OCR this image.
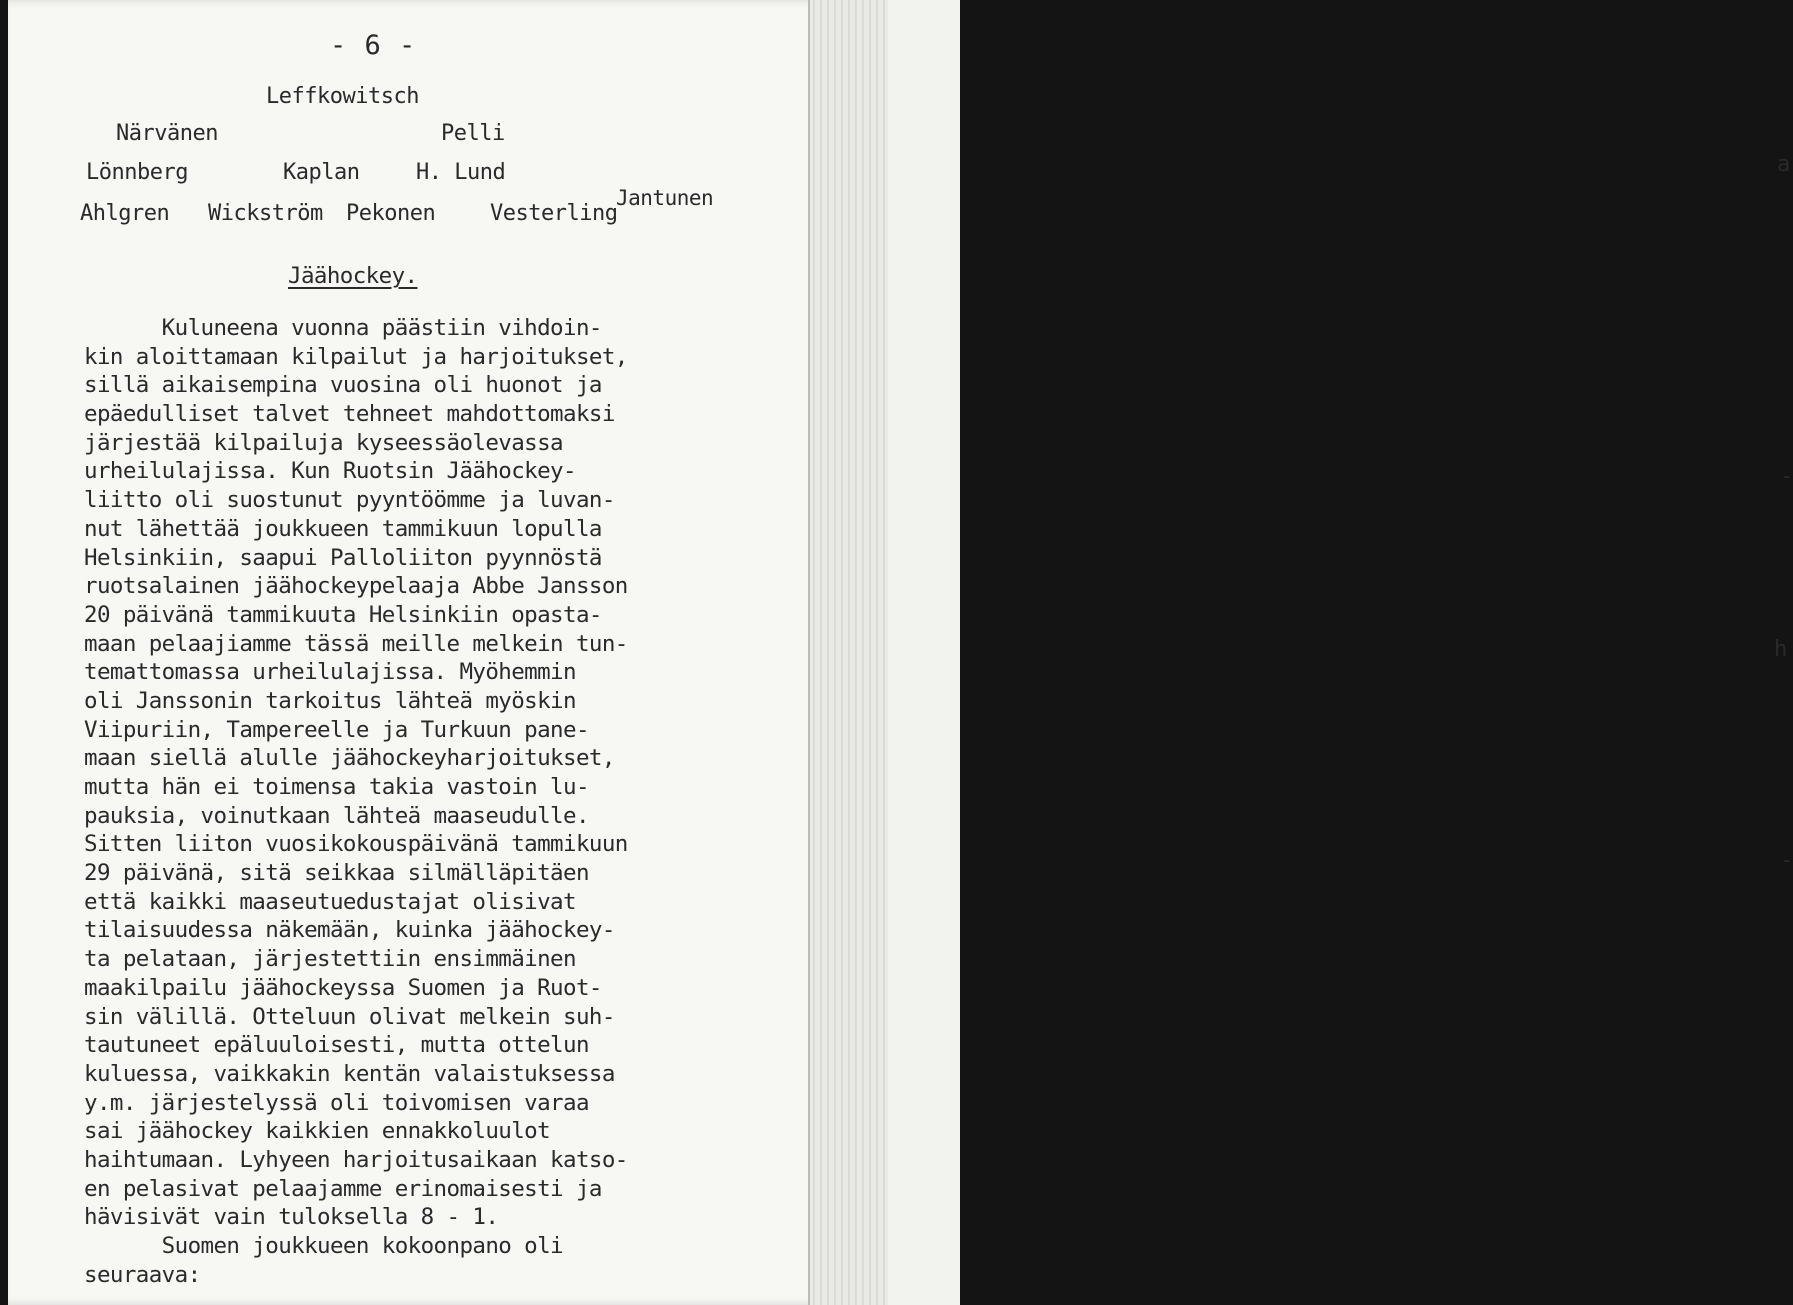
a
-
h
-
- 6 -
Leffkowitsch
Närvänen	Pelli
Lönnberg	Kaplan	H. Lund
Ahlgren Wickström Pekonen Vesterling
Jantunen
Jäähockey.
Kuluneena vuonna päästiin vihdoin-
kin aloittamaan kilpailut ja harjoitukset,
sillä aikaisempina vuosina oli huonot ja
epäedulliset talvet tehneet mahdottomaksi
järjestää kilpailuja kyseessäolevassa
urheilulajissa. Kun Ruotsin Jäähockey-
liitto oli suostunut pyyntöömme ja luvan-
nut lähettää joukkueen tammikuun lopulla
Helsinkiin, saapui Palloliiton pyynnöstä
ruotsalainen jäähockeypelaaja Abbe Jansson
20 päivänä tammikuuta Helsinkiin opasta-
maan pelaajiamme tässä meille melkein tun-
temattomassa urheilulajissa. Myöhemmin
oli Janssonin tarkoitus lähteä myöskin
Viipuriin, Tampereelle ja Turkuun pane-
maan siellä alulle jäähockeyharjoitukset,
mutta hän ei toimensa takia vastoin lu-
pauksia, voinutkaan lähteä maaseudulle.
Sitten liiton vuosikokouspäivänä tammikuun
29 päivänä, sitä seikkaa silmälläpitäen
että kaikki maaseutuedustajat olisivat
tilaisuudessa näkemään, kuinka jäähockey-
ta pelataan, järjestettiin ensimmäinen
maakilpailu jäähockeyssa Suomen ja Ruot-
sin välillä. Otteluun olivat melkein suh-
tautuneet epäluuloisesti, mutta ottelun
kuluessa, vaikkakin kentän valaistuksessa
y.m. järjestelyssä oli toivomisen varaa
sai jäähockey kaikkien ennakkoluulot
haihtumaan. Lyhyeen harjoitusaikaan katso-
en pelasivat pelaajamme erinomaisesti ja
hävisivät vain tuloksella 8 - 1.
Suomen joukkueen kokoonpano oli
seuraava:
